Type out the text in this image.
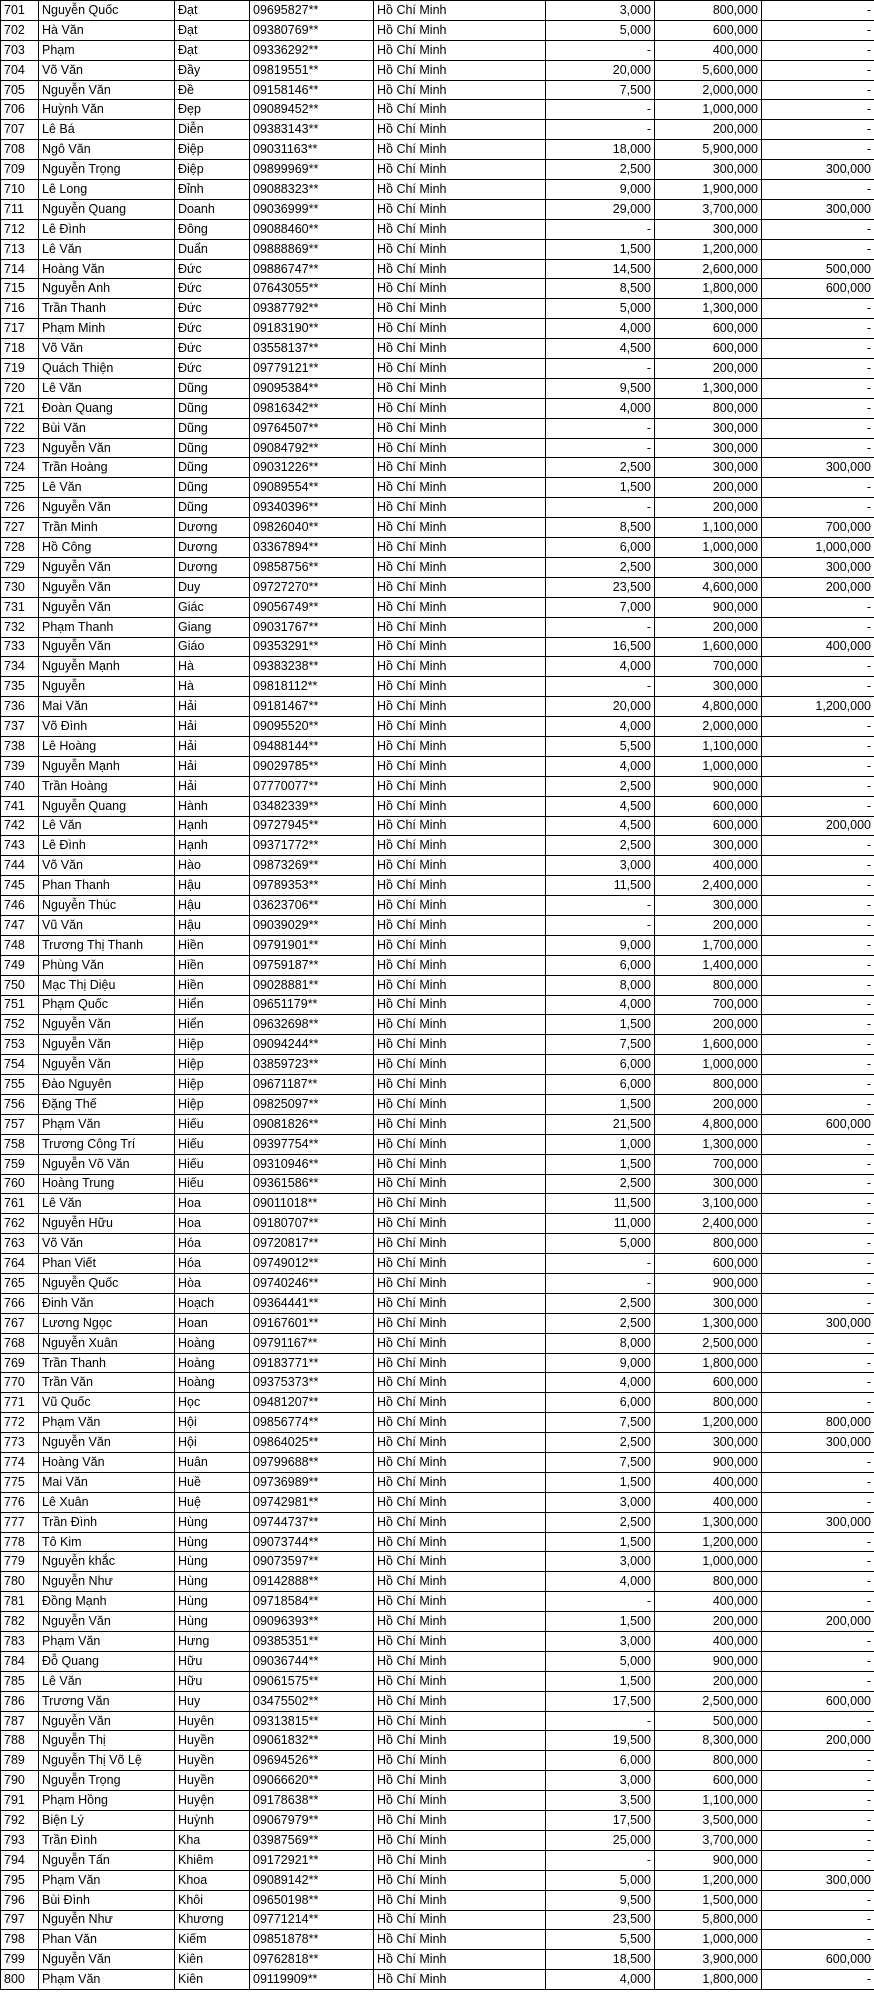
701	Nguyễn Quốc	Đạt	09695827**	Hồ Chí Minh	3,000	800,000	-
702	Hà Văn	Đạt	09380769**	Hồ Chí Minh	5,000	600,000	-
703	Phạm	Đạt	09336292**	Hồ Chí Minh	-	400,000	-
704	Võ Văn	Đầy	09819551**	Hồ Chí Minh	20,000	5,600,000	-
705	Nguyễn Văn	Đề	09158146**	Hồ Chí Minh	7,500	2,000,000	-
706	Huỳnh Văn	Đẹp	09089452**	Hồ Chí Minh	-	1,000,000	-
707	Lê Bá	Diễn	09383143**	Hồ Chí Minh	-	200,000	-
708	Ngô Văn	Điệp	09031163**	Hồ Chí Minh	18,000	5,900,000	-
709	Nguyễn Trọng	Điệp	09899969**	Hồ Chí Minh	2,500	300,000	300,000
710	Lê Long	Đỉnh	09088323**	Hồ Chí Minh	9,000	1,900,000	-
711	Nguyễn Quang	Doanh	09036999**	Hồ Chí Minh	29,000	3,700,000	300,000
712	Lê Đình	Đông	09088460**	Hồ Chí Minh	-	300,000	-
713	Lê Văn	Duẩn	09888869**	Hồ Chí Minh	1,500	1,200,000	-
714	Hoàng Văn	Đức	09886747**	Hồ Chí Minh	14,500	2,600,000	500,000
715	Nguyễn Anh	Đức	07643055**	Hồ Chí Minh	8,500	1,800,000	600,000
716	Trần Thanh	Đức	09387792**	Hồ Chí Minh	5,000	1,300,000	-
717	Phạm Minh	Đức	09183190**	Hồ Chí Minh	4,000	600,000	-
718	Võ Văn	Đức	03558137**	Hồ Chí Minh	4,500	600,000	-
719	Quách Thiện	Đức	09779121**	Hồ Chí Minh	-	200,000	-
720	Lê Văn	Dũng	09095384**	Hồ Chí Minh	9,500	1,300,000	-
721	Đoàn Quang	Dũng	09816342**	Hồ Chí Minh	4,000	800,000	-
722	Bùi Văn	Dũng	09764507**	Hồ Chí Minh	-	300,000	-
723	Nguyễn Văn	Dũng	09084792**	Hồ Chí Minh	-	300,000	-
724	Trần Hoàng	Dũng	09031226**	Hồ Chí Minh	2,500	300,000	300,000
725	Lê Văn	Dũng	09089554**	Hồ Chí Minh	1,500	200,000	-
726	Nguyễn Văn	Dũng	09340396**	Hồ Chí Minh	-	200,000	-
727	Trần Minh	Dương	09826040**	Hồ Chí Minh	8,500	1,100,000	700,000
728	Hồ Công	Dương	03367894**	Hồ Chí Minh	6,000	1,000,000	1,000,000
729	Nguyễn Văn	Dương	09858756**	Hồ Chí Minh	2,500	300,000	300,000
730	Nguyễn Văn	Duy	09727270**	Hồ Chí Minh	23,500	4,600,000	200,000
731	Nguyễn Văn	Giác	09056749**	Hồ Chí Minh	7,000	900,000	-
732	Phạm Thanh	Giang	09031767**	Hồ Chí Minh	-	200,000	-
733	Nguyễn Văn	Giáo	09353291**	Hồ Chí Minh	16,500	1,600,000	400,000
734	Nguyễn Mạnh	Hà	09383238**	Hồ Chí Minh	4,000	700,000	-
735	Nguyễn	Hà	09818112**	Hồ Chí Minh	-	300,000	-
736	Mai Văn	Hải	09181467**	Hồ Chí Minh	20,000	4,800,000	1,200,000
737	Võ Đình	Hải	09095520**	Hồ Chí Minh	4,000	2,000,000	-
738	Lê Hoàng	Hải	09488144**	Hồ Chí Minh	5,500	1,100,000	-
739	Nguyễn Mạnh	Hải	09029785**	Hồ Chí Minh	4,000	1,000,000	-
740	Trần Hoàng	Hải	07770077**	Hồ Chí Minh	2,500	900,000	-
741	Nguyễn Quang	Hành	03482339**	Hồ Chí Minh	4,500	600,000	-
742	Lê Văn	Hạnh	09727945**	Hồ Chí Minh	4,500	600,000	200,000
743	Lê Đình	Hạnh	09371772**	Hồ Chí Minh	2,500	300,000	-
744	Võ Văn	Hào	09873269**	Hồ Chí Minh	3,000	400,000	-
745	Phan Thanh	Hậu	09789353**	Hồ Chí Minh	11,500	2,400,000	-
746	Nguyễn Thúc	Hậu	03623706**	Hồ Chí Minh	-	300,000	-
747	Vũ Văn	Hậu	09039029**	Hồ Chí Minh	-	200,000	-
748	Trương Thị Thanh	Hiền	09791901**	Hồ Chí Minh	9,000	1,700,000	-
749	Phùng Văn	Hiền	09759187**	Hồ Chí Minh	6,000	1,400,000	-
750	Mạc Thị Diệu	Hiền	09028881**	Hồ Chí Minh	8,000	800,000	-
751	Phạm Quốc	Hiển	09651179**	Hồ Chí Minh	4,000	700,000	-
752	Nguyễn Văn	Hiển	09632698**	Hồ Chí Minh	1,500	200,000	-
753	Nguyễn Văn	Hiệp	09094244**	Hồ Chí Minh	7,500	1,600,000	-
754	Nguyễn Văn	Hiệp	03859723**	Hồ Chí Minh	6,000	1,000,000	-
755	Đào Nguyên	Hiệp	09671187**	Hồ Chí Minh	6,000	800,000	-
756	Đặng Thế	Hiệp	09825097**	Hồ Chí Minh	1,500	200,000	-
757	Phạm Văn	Hiếu	09081826**	Hồ Chí Minh	21,500	4,800,000	600,000
758	Trương Công Trí	Hiếu	09397754**	Hồ Chí Minh	1,000	1,300,000	-
759	Nguyễn Võ Văn	Hiếu	09310946**	Hồ Chí Minh	1,500	700,000	-
760	Hoàng Trung	Hiếu	09361586**	Hồ Chí Minh	2,500	300,000	-
761	Lê Văn	Hoa	09011018**	Hồ Chí Minh	11,500	3,100,000	-
762	Nguyễn Hữu	Hoa	09180707**	Hồ Chí Minh	11,000	2,400,000	-
763	Võ Văn	Hóa	09720817**	Hồ Chí Minh	5,000	800,000	-
764	Phan Viết	Hóa	09749012**	Hồ Chí Minh	-	600,000	-
765	Nguyễn Quốc	Hòa	09740246**	Hồ Chí Minh	-	900,000	-
766	Đinh Văn	Hoạch	09364441**	Hồ Chí Minh	2,500	300,000	-
767	Lương Ngọc	Hoan	09167601**	Hồ Chí Minh	2,500	1,300,000	300,000
768	Nguyễn Xuân	Hoàng	09791167**	Hồ Chí Minh	8,000	2,500,000	-
769	Trần Thanh	Hoàng	09183771**	Hồ Chí Minh	9,000	1,800,000	-
770	Trần Văn	Hoàng	09375373**	Hồ Chí Minh	4,000	600,000	-
771	Vũ Quốc	Học	09481207**	Hồ Chí Minh	6,000	800,000	-
772	Phạm Văn	Hội	09856774**	Hồ Chí Minh	7,500	1,200,000	800,000
773	Nguyễn Văn	Hội	09864025**	Hồ Chí Minh	2,500	300,000	300,000
774	Hoàng Văn	Huân	09799688**	Hồ Chí Minh	7,500	900,000	-
775	Mai Văn	Huề	09736989**	Hồ Chí Minh	1,500	400,000	-
776	Lê Xuân	Huệ	09742981**	Hồ Chí Minh	3,000	400,000	-
777	Trần Đình	Hùng	09744737**	Hồ Chí Minh	2,500	1,300,000	300,000
778	Tô Kim	Hùng	09073744**	Hồ Chí Minh	1,500	1,200,000	-
779	Nguyễn khắc	Hùng	09073597**	Hồ Chí Minh	3,000	1,000,000	-
780	Nguyễn Như	Hùng	09142888**	Hồ Chí Minh	4,000	800,000	-
781	Đồng Mạnh	Hùng	09718584**	Hồ Chí Minh	-	400,000	-
782	Nguyễn Văn	Hùng	09096393**	Hồ Chí Minh	1,500	200,000	200,000
783	Phạm Văn	Hưng	09385351**	Hồ Chí Minh	3,000	400,000	-
784	Đỗ Quang	Hữu	09036744**	Hồ Chí Minh	5,000	900,000	-
785	Lê Văn	Hữu	09061575**	Hồ Chí Minh	1,500	200,000	-
786	Trương Văn	Huy	03475502**	Hồ Chí Minh	17,500	2,500,000	600,000
787	Nguyễn Văn	Huyên	09313815**	Hồ Chí Minh	-	500,000	-
788	Nguyễn Thị	Huyền	09061832**	Hồ Chí Minh	19,500	8,300,000	200,000
789	Nguyễn Thị Võ Lệ	Huyền	09694526**	Hồ Chí Minh	6,000	800,000	-
790	Nguyễn Trọng	Huyền	09066620**	Hồ Chí Minh	3,000	600,000	-
791	Phạm Hồng	Huyện	09178638**	Hồ Chí Minh	3,500	1,100,000	-
792	Biện Lý	Huỳnh	09067979**	Hồ Chí Minh	17,500	3,500,000	-
793	Trần Đình	Kha	03987569**	Hồ Chí Minh	25,000	3,700,000	-
794	Nguyễn Tấn	Khiêm	09172921**	Hồ Chí Minh	-	900,000	-
795	Phạm Văn	Khoa	09089142**	Hồ Chí Minh	5,000	1,200,000	300,000
796	Bùi Đình	Khôi	09650198**	Hồ Chí Minh	9,500	1,500,000	-
797	Nguyễn Như	Khương	09771214**	Hồ Chí Minh	23,500	5,800,000	-
798	Phan Văn	Kiếm	09851878**	Hồ Chí Minh	5,500	1,000,000	-
799	Nguyễn Văn	Kiên	09762818**	Hồ Chí Minh	18,500	3,900,000	600,000
800	Phạm Văn	Kiên	09119909**	Hồ Chí Minh	4,000	1,800,000	-
